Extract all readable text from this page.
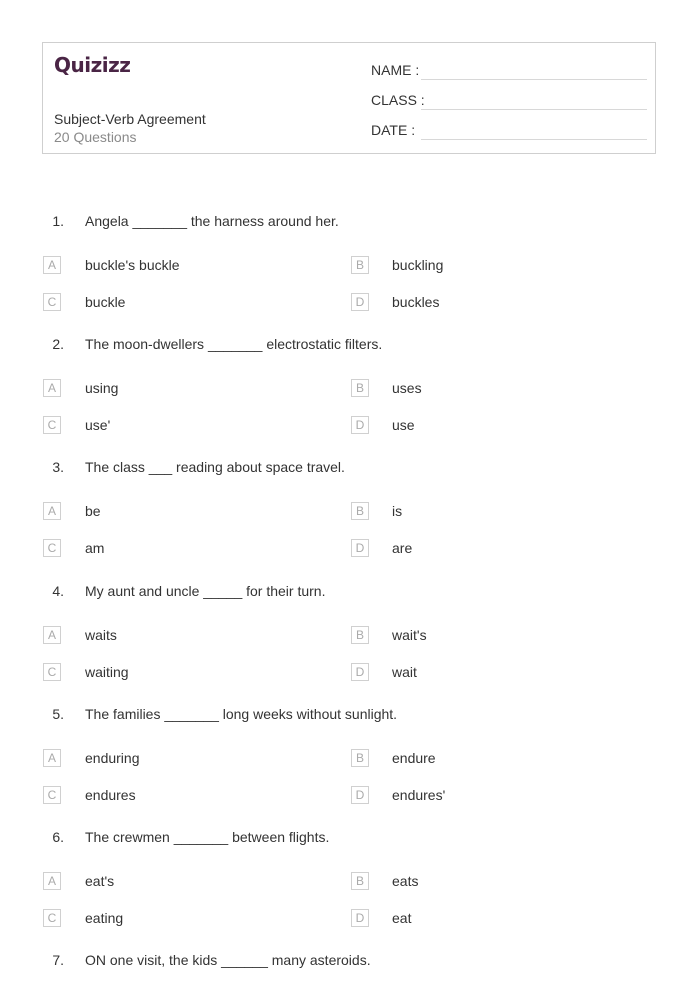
Quizizz
Subject-Verb Agreement
20 Questions
NAME :
CLASS :
DATE :
1. Angela _______ the harness around her.
A	buckle's buckle	B	buckling
C	buckle	D	buckles
2. The moon-dwellers _______ electrostatic filters.
A	using	B	uses
C	use'	D	use
3. The class ___ reading about space travel.
A	be	B	is
C	am	D	are
4. My aunt and uncle _____ for their turn.
A	waits	B	wait's
C	waiting	D	wait
5. The families _______ long weeks without sunlight.
A	enduring	B	endure
C	endures	D	endures'
6. The crewmen _______ between flights.
A	eat's	B	eats
C	eating	D	eat
7. ON one visit, the kids ______ many asteroids.
